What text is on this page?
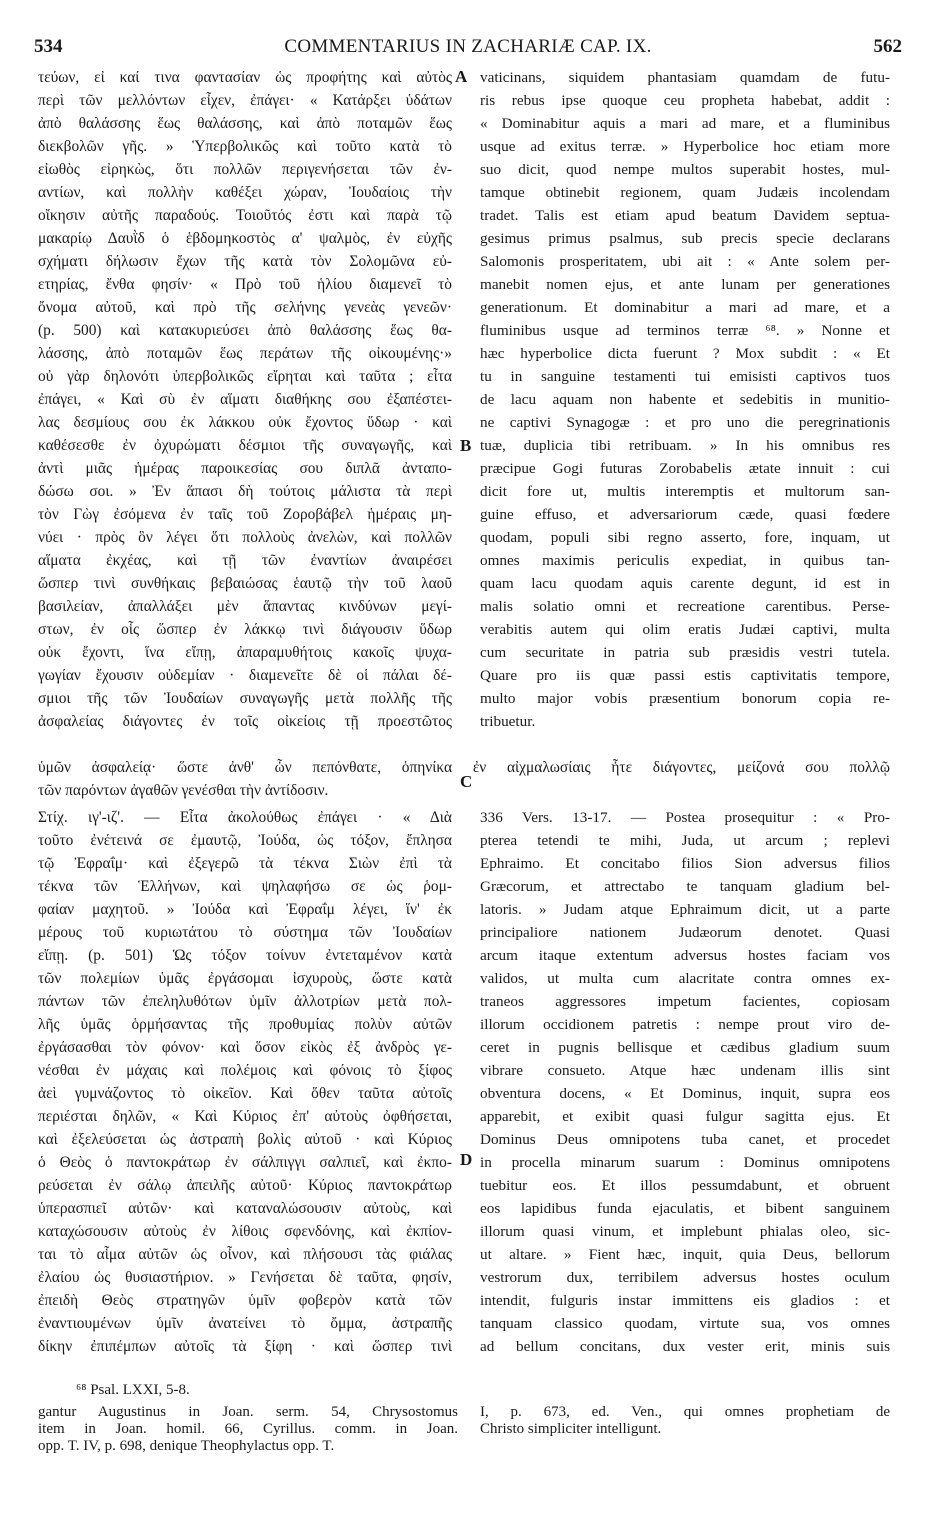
534	COMMENTARIUS IN ZACHARIÆ CAP. IX.	562
τεύων, εἰ καί τινα φαντασίαν ὡς προφήτης καὶ αὐτὸς
περὶ τῶν μελλόντων εἶχεν, ἐπάγει· « Κατάρξει ὑδάτων
ἀπὸ θαλάσσης ἕως θαλάσσης, καὶ ἀπὸ ποταμῶν ἕως
διεκβολῶν γῆς. » Ὑπερβολικῶς καὶ τοῦτο κατὰ τὸ
εἰωθὸς εἰρηκὼς, ὅτι πολλῶν περιγενήσεται τῶν ἐν-
αντίων, καὶ πολλὴν καθέξει χώραν, Ἰουδαίοις τὴν
οἴκησιν αὐτῆς παραδούς. Τοιοῦτός ἐστι καὶ παρὰ τῷ
μακαρίῳ Δαυῒδ ὁ ἑβδομηκοστὸς α' ψαλμὸς, ἐν εὐχῆς
σχήματι δήλωσιν ἔχων τῆς κατὰ τὸν Σολομῶνα εὐ-
ετηρίας, ἔνθα φησίν· « Πρὸ τοῦ ἡλίου διαμενεῖ τὸ
ὄνομα αὐτοῦ, καὶ πρὸ τῆς σελήνης γενεὰς γενεῶν·
(p. 500) καὶ κατακυριεύσει ἀπὸ θαλάσσης ἕως θα-
λάσσης, ἀπὸ ποταμῶν ἕως περάτων τῆς οἰκουμένης·»
οὐ γὰρ δηλονότι ὑπερβολικῶς εἴρηται καὶ ταῦτα ; εἶτα
ἐπάγει, « Καὶ σὺ ἐν αἵματι διαθήκης σου ἐξαπέστει-
λας δεσμίους σου ἐκ λάκκου οὐκ ἔχοντος ὕδωρ · καὶ
καθέσεσθε ἐν ὀχυρώματι δέσμιοι τῆς συναγωγῆς, καὶ
ἀντὶ μιᾶς ἡμέρας παροικεσίας σου διπλᾶ ἀνταπο-
δώσω σοι. » Ἐν ἅπασι δὴ τούτοις μάλιστα τὰ περὶ
τὸν Γὼγ ἐσόμενα ἐν ταῖς τοῦ Ζοροβάβελ ἡμέραις μη-
νύει · πρὸς ὃν λέγει ὅτι πολλοὺς ἀνελὼν, καὶ πολλῶν
αἵματα ἐκχέας, καὶ τῇ τῶν ἐναντίων ἀναιρέσει
ὥσπερ τινὶ συνθήκαις βεβαιώσας ἑαυτῷ τὴν τοῦ λαοῦ
βασιλείαν, ἀπαλλάξει μὲν ἅπαντας κινδύνων μεγί-
στων, ἐν οἷς ὥσπερ ἐν λάκκῳ τινὶ διάγουσιν ὕδωρ
οὐκ ἔχοντι, ἵνα εἴπῃ, ἀπαραμυθήτοις κακοῖς ψυχα-
γωγίαν ἔχουσιν οὐδεμίαν · διαμενεῖτε δὲ οἱ πάλαι δέ-
σμιοι τῆς τῶν Ἰουδαίων συναγωγῆς μετὰ πολλῆς τῆς
ἀσφαλείας διάγοντες ἐν τοῖς οἰκείοις τῇ προεστῶτος
vaticinans, siquidem phantasiam quamdam de futu-
ris rebus ipse quoque ceu propheta habebat, addit :
« Dominabitur aquis a mari ad mare, et a fluminibus
usque ad exitus terræ. » Hyperbolice hoc etiam more
suo dicit, quod nempe multos superabit hostes, mul-
tamque obtinebit regionem, quam Judæis incolendam
tradet. Talis est etiam apud beatum Davidem septua-
gesimus primus psalmus, sub precis specie declarans
Salomonis prosperitatem, ubi ait : « Ante solem per-
manebit nomen ejus, et ante lunam per generationes
generationum. Et dominabitur a mari ad mare, et a
fluminibus usque ad terminos terræ ⁶⁸. » Nonne et
hæc hyperbolice dicta fuerunt ? Mox subdit : « Et
tu in sanguine testamenti tui emisisti captivos tuos
de lacu aquam non habente et sedebitis in munitio-
ne captivi Synagogæ : et pro uno die peregrinationis
tuæ, duplicia tibi retribuam. » In his omnibus res
præcipue Gogi futuras Zorobabelis ætate innuit : cui
dicit fore ut, multis interemptis et multorum san-
guine effuso, et adversariorum cæde, quasi fœdere
quodam, populi sibi regno asserto, fore, inquam, ut
omnes maximis periculis expediat, in quibus tan-
quam lacu quodam aquis carente degunt, id est in
malis solatio omni et recreatione carentibus. Perse-
verabitis autem qui olim eratis Judæi captivi, multa
cum securitate in patria sub præsidis vestri tutela.
Quare pro iis quæ passi estis captivitatis tempore,
multo major vobis præsentium bonorum copia re-
tribuetur.
A
B
C
D
ὑμῶν ἀσφαλείᾳ· ὥστε ἀνθ' ὧν πεπόνθατε, ὁπηνίκα ἐν αἰχμαλωσίαις ἦτε διάγοντες, μείζονά σου πολλῷ
τῶν παρόντων ἀγαθῶν γενέσθαι τὴν ἀντίδοσιν.
Στίχ. ιγ'-ιζ'. — Εἶτα ἀκολούθως ἐπάγει · « Διὰ
τοῦτο ἐνέτεινά σε ἐμαυτῷ, Ἰούδα, ὡς τόξον, ἔπλησα
τῷ Ἐφραΐμ· καὶ ἐξεγερῶ τὰ τέκνα Σιὼν ἐπὶ τὰ
τέκνα τῶν Ἑλλήνων, καὶ ψηλαφήσω σε ὡς ῥομ-
φαίαν μαχητοῦ. » Ἰούδα καὶ Ἐφραΐμ λέγει, ἵν' ἐκ
μέρους τοῦ κυριωτάτου τὸ σύστημα τῶν Ἰουδαίων
εἴπῃ. (p. 501) Ὡς τόξον τοίνυν ἐντεταμένον κατὰ
τῶν πολεμίων ὑμᾶς ἐργάσομαι ἰσχυροὺς, ὥστε κατὰ
πάντων τῶν ἐπεληλυθότων ὑμῖν ἀλλοτρίων μετὰ πολ-
λῆς ὑμᾶς ὁρμήσαντας τῆς προθυμίας πολὺν αὐτῶν
ἐργάσασθαι τὸν φόνον· καὶ ὅσον εἰκὸς ἐξ ἀνδρὸς γε-
νέσθαι ἐν μάχαις καὶ πολέμοις καὶ φόνοις τὸ ξίφος
ἀεὶ γυμνάζοντος τὸ οἰκεῖον. Καὶ ὅθεν ταῦτα αὐτοῖς
περιέσται δηλῶν, « Καὶ Κύριος ἐπ' αὐτοὺς ὀφθήσεται,
καὶ ἐξελεύσεται ὡς ἀστραπὴ βολὶς αὐτοῦ · καὶ Κύριος
ὁ Θεὸς ὁ παντοκράτωρ ἐν σάλπιγγι σαλπιεῖ, καὶ ἐκπο-
ρεύσεται ἐν σάλῳ ἀπειλῆς αὐτοῦ· Κύριος παντοκράτωρ
ὑπερασπιεῖ αὐτῶν· καὶ καταναλώσουσιν αὐτοὺς, καὶ
καταχώσουσιν αὐτοὺς ἐν λίθοις σφενδόνης, καὶ ἐκπίον-
ται τὸ αἷμα αὐτῶν ὡς οἶνον, καὶ πλήσουσι τὰς φιάλας
ἐλαίου ὡς θυσιαστήριον. » Γενήσεται δὲ ταῦτα, φησίν,
ἐπειδὴ Θεὸς στρατηγῶν ὑμῖν φοβερὸν κατὰ τῶν
ἐναντιουμένων ὑμῖν ἀνατείνει τὸ ὄμμα, ἀστραπῆς
δίκην ἐπιπέμπων αὐτοῖς τὰ ξίφη · καὶ ὥσπερ τινὶ
336 Vers. 13-17. — Postea prosequitur : « Pro-
pterea tetendi te mihi, Juda, ut arcum ; replevi
Ephraimo. Et concitabo filios Sion adversus filios
Græcorum, et attrectabo te tanquam gladium bel-
latoris. » Judam atque Ephraimum dicit, ut a parte
principaliore nationem Judæorum denotet. Quasi
arcum itaque extentum adversus hostes faciam vos
validos, ut multa cum alacritate contra omnes ex-
traneos aggressores impetum facientes, copiosam
illorum occidionem patretis : nempe prout viro de-
ceret in pugnis bellisque et cædibus gladium suum
vibrare consueto. Atque hæc undenam illis sint
obventura docens, « Et Dominus, inquit, supra eos
apparebit, et exibit quasi fulgur sagitta ejus. Et
Dominus Deus omnipotens tuba canet, et procedet
in procella minarum suarum : Dominus omnipotens
tuebitur eos. Et illos pessumdabunt, et obruent
eos lapidibus funda ejaculatis, et bibent sanguinem
illorum quasi vinum, et implebunt phialas oleo, sic-
ut altare. » Fient hæc, inquit, quia Deus, bellorum
vestrorum dux, terribilem adversus hostes oculum
intendit, fulguris instar immittens eis gladios : et
tanquam classico quodam, virtute sua, vos omnes
ad bellum concitans, dux vester erit, minis suis
⁶⁸ Psal. LXXI, 5-8.
gantur Augustinus in Joan. serm. 54, Chrysostomus
item in Joan. homil. 66, Cyrillus. comm. in Joan.
opp. T. IV, p. 698, denique Theophylactus opp. T.
I, p. 673, ed. Ven., qui omnes prophetiam de
Christo simpliciter intelligunt.
